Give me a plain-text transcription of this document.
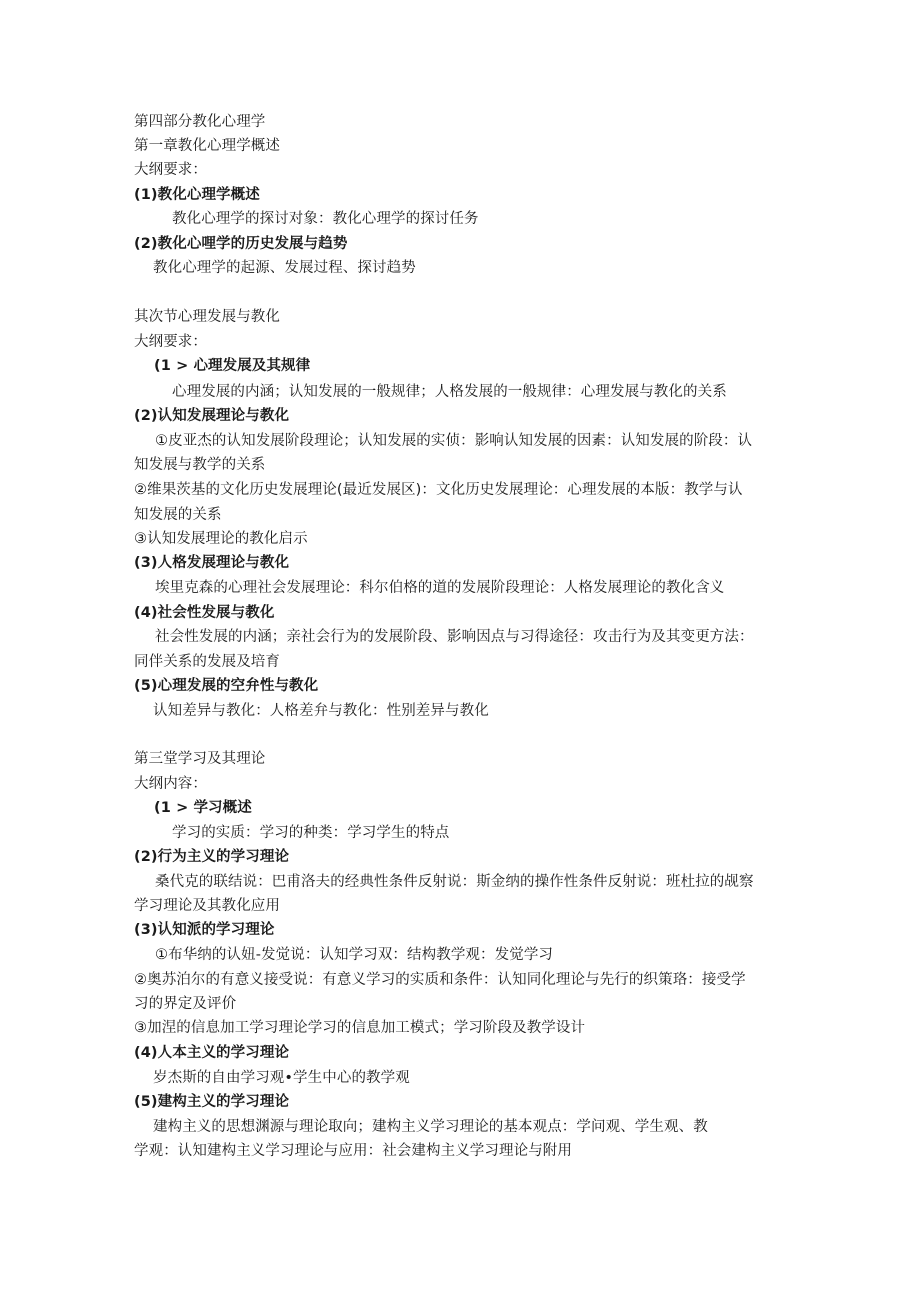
第四部分教化心理学
第一章教化心理学概述
大纲要求：
(1)教化心理学概述
教化心理学的探讨对象：教化心理学的探讨任务
(2)教化心哩学的历史发展与趋势
教化心理学的起源、发展过程、探讨趋势
其次节心理发展与教化
大纲要求：
(1 > 心理发展及其规律
心理发展的内涵；认知发展的一般规律；人格发展的一般规律：心理发展与教化的关系
(2)认知发展理论与教化
①皮亚杰的认知发展阶段理论；认知发展的实侦：影响认知发展的因素：认知发展的阶段：认
知发展与教学的关系
②维果茨基的文化历史发展理论(最近发展区)：文化历史发展理论：心理发展的本版：教学与认
知发展的关系
③认知发展理论的教化启示
(3)人格发展理论与教化
埃里克森的心理社会发展理论：科尔伯格的道的发展阶段理论：人格发展理论的教化含义
(4)社会性发展与教化
社会性发展的内涵；亲社会行为的发展阶段、影响因点与习得途径：攻击行为及其变更方法：
同伴关系的发展及培育
(5)心理发展的空弁性与教化
认知差异与教化：人格差弁与教化：性别差异与教化
第三堂学习及其理论
大纲内容：
(1 > 学习概述
学习的实质：学习的种类：学习学生的特点
(2)行为主义的学习理论
桑代克的联结说：巴甫洛夫的经典性条件反射说：斯金纳的操作性条件反射说：班杜拉的觇察
学习理论及其教化应用
(3)认知派的学习理论
①布华纳的认妞-发觉说：认知学习双：结构教学观：发觉学习
②奥苏泊尔的有意义接受说：有意义学习的实质和条件：认知同化理论与先行的织策珞：接受学
习的界定及评价
③加涅的信息加工学习理论学习的信息加工模式；学习阶段及教学设计
(4)人本主义的学习理论
岁杰斯的自由学习观•学生中心的教学观
(5)建构主义的学习理论
建构主义的思想渊源与理论取向；建构主义学习理论的基本观点：学问观、学生观、教
学观：认知建构主义学习理论与应用：社会建构主义学习理论与附用
